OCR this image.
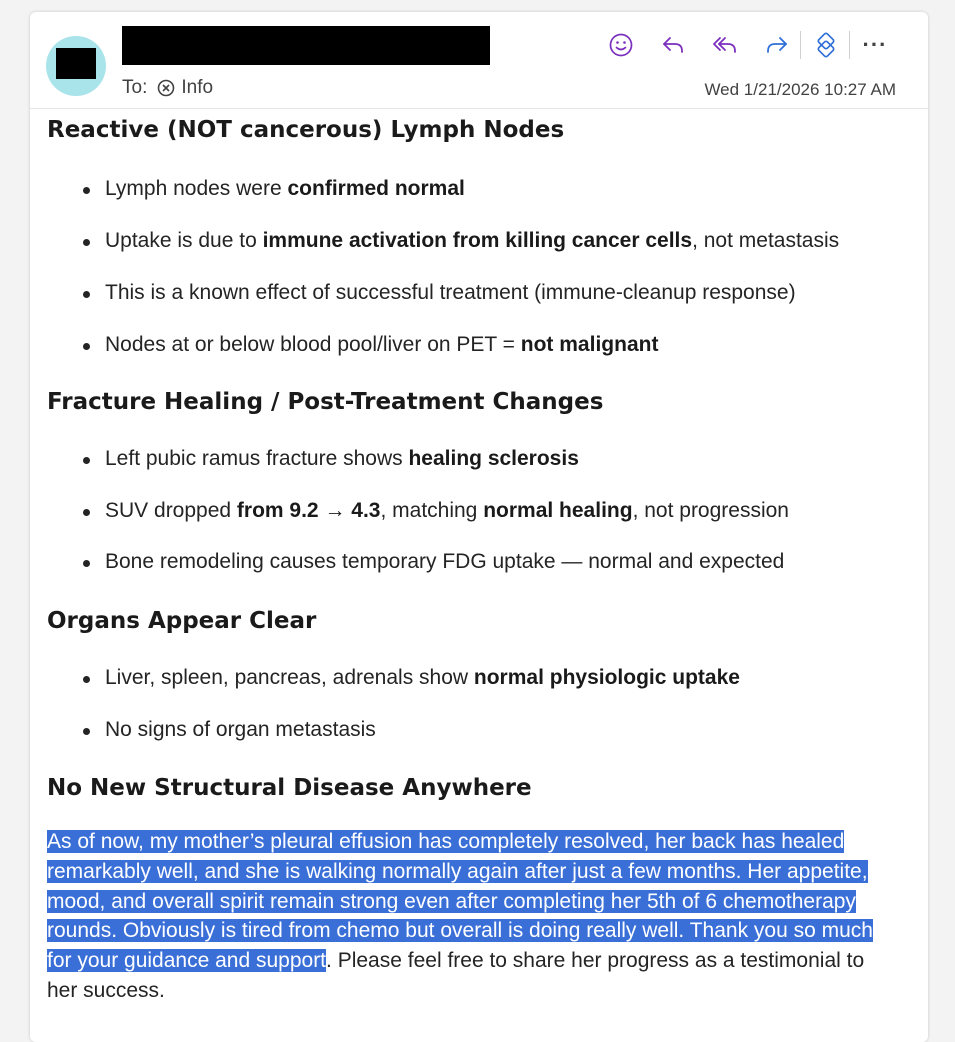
To: Info	Wed 1/21/2026 10:27 AM
···
Reactive (NOT cancerous) Lymph Nodes
Lymph nodes were confirmed normal
Uptake is due to immune activation from killing cancer cells, not metastasis
This is a known effect of successful treatment (immune-cleanup response)
Nodes at or below blood pool/liver on PET = not malignant
Fracture Healing / Post-Treatment Changes
Left pubic ramus fracture shows healing sclerosis
SUV dropped from 9.2 → 4.3, matching normal healing, not progression
Bone remodeling causes temporary FDG uptake — normal and expected
Organs Appear Clear
Liver, spleen, pancreas, adrenals show normal physiologic uptake
No signs of organ metastasis
No New Structural Disease Anywhere
As of now, my mother’s pleural effusion has completely resolved, her back has healed
remarkably well, and she is walking normally again after just a few months. Her appetite,
mood, and overall spirit remain strong even after completing her 5th of 6 chemotherapy
rounds. Obviously is tired from chemo but overall is doing really well. Thank you so much
for your guidance and support. Please feel free to share her progress as a testimonial to
her success.
